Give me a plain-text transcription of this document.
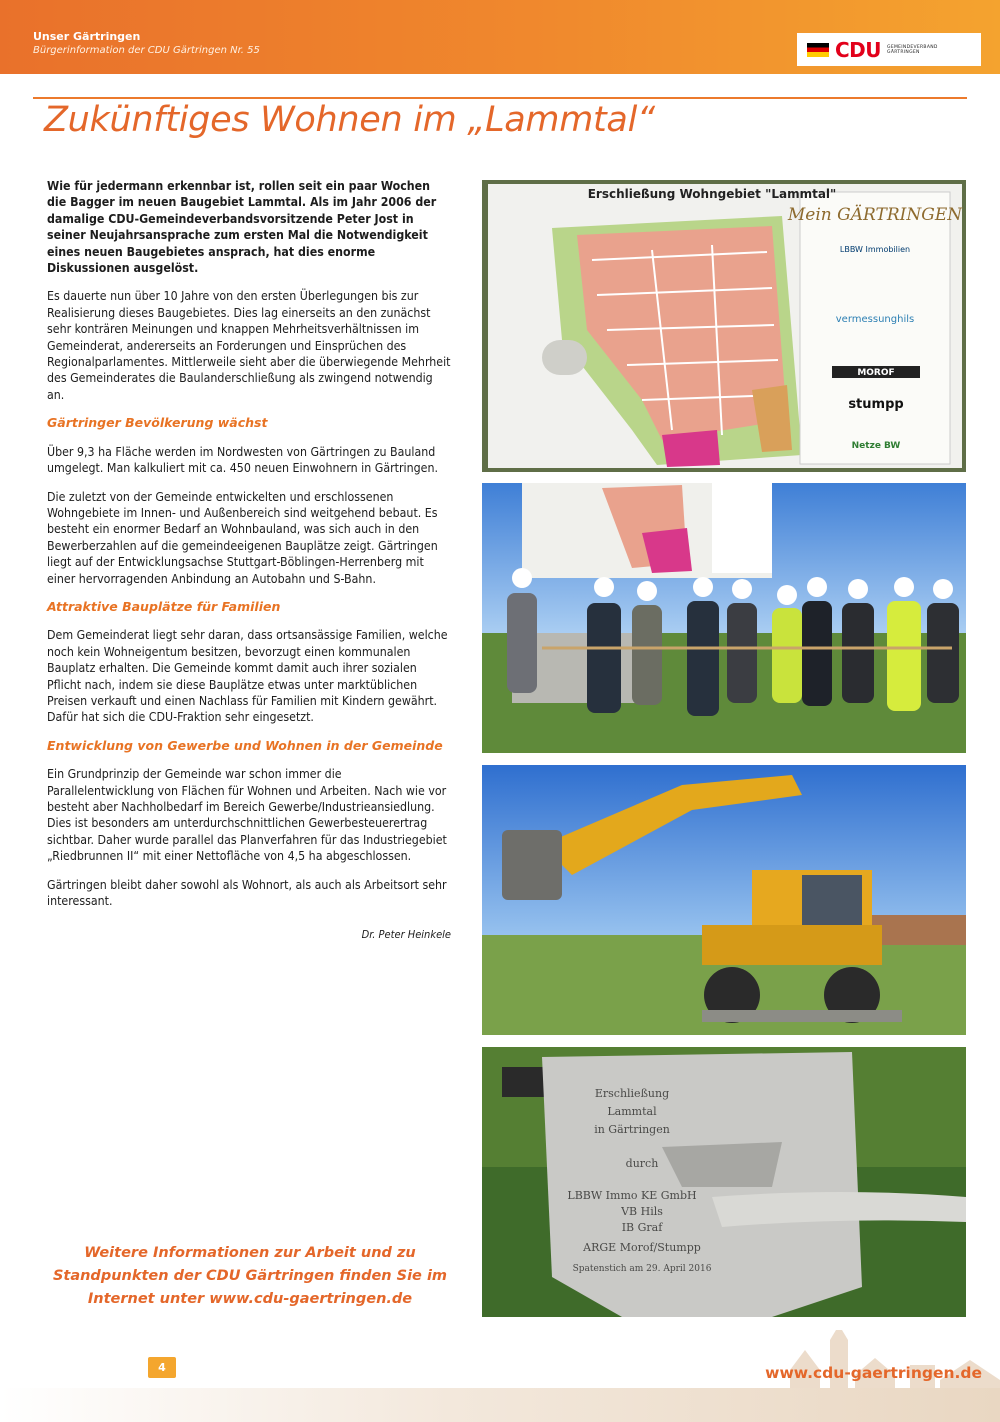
Unser Gärtringen
Bürgerinformation der CDU Gärtringen Nr. 55	CDU GEMEINDEVERBAND GÄRTRINGEN
Zukünftiges Wohnen im „Lammtal“

Wie für jedermann erkennbar ist, rollen seit ein paar Wochen die Bagger im neuen Baugebiet Lammtal. Als im Jahr 2006 der damalige CDU-Gemeindeverbandsvorsitzende Peter Jost in seiner Neujahrsansprache zum ersten Mal die Notwendigkeit eines neuen Baugebietes ansprach, hat dies enorme Diskussionen ausgelöst.

Es dauerte nun über 10 Jahre von den ersten Überlegungen bis zur Realisierung dieses Baugebietes. Dies lag einerseits an den zunächst sehr konträren Meinungen und knappen Mehrheitsverhältnissen im Gemeinderat, andererseits an Forderungen und Einsprüchen des Regionalparlamentes. Mittlerweile sieht aber die überwiegende Mehrheit des Gemeinderates die Baulanderschließung als zwingend notwendig an.

Gärtringer Bevölkerung wächst

Über 9,3 ha Fläche werden im Nordwesten von Gärtringen zu Bauland umgelegt. Man kalkuliert mit ca. 450 neuen Einwohnern in Gärtringen.

Die zuletzt von der Gemeinde entwickelten und erschlossenen Wohngebiete im Innen- und Außenbereich sind weitgehend bebaut. Es besteht ein enormer Bedarf an Wohnbauland, was sich auch in den Bewerberzahlen auf die gemeindeeigenen Bauplätze zeigt. Gärtringen liegt auf der Entwicklungsachse Stuttgart-Böblingen-Herrenberg mit einer hervorragenden Anbindung an Autobahn und S-Bahn.

Attraktive Bauplätze für Familien

Dem Gemeinderat liegt sehr daran, dass ortsansässige Familien, welche noch kein Wohneigentum besitzen, bevorzugt einen kommunalen Bauplatz erhalten. Die Gemeinde kommt damit auch ihrer sozialen Pflicht nach, indem sie diese Bauplätze etwas unter marktüblichen Preisen verkauft und einen Nachlass für Familien mit Kindern gewährt. Dafür hat sich die CDU-Fraktion sehr eingesetzt.

Entwicklung von Gewerbe und Wohnen in der Gemeinde

Ein Grundprinzip der Gemeinde war schon immer die Parallelentwicklung von Flächen für Wohnen und Arbeiten. Nach wie vor besteht aber Nachholbedarf im Bereich Gewerbe/Industrieansiedlung. Dies ist besonders am unterdurchschnittlichen Gewerbesteuerertrag sichtbar. Daher wurde parallel das Planverfahren für das Industriegebiet „Riedbrunnen II“ mit einer Nettofläche von 4,5 ha abgeschlossen.

Gärtringen bleibt daher sowohl als Wohnort, als auch als Arbeitsort sehr interessant.

Dr. Peter Heinkele

Weitere Informationen zur Arbeit und zu Standpunkten der CDU Gärtringen finden Sie im Internet unter www.cdu-gaertringen.de
Erschließung Wohngebiet "Lammtal"
Mein GÄRTRINGEN
LBBW Immobilien
vermessunghils
MOROF
stumpp
Netze BW
Erschließung
Lammtal
in Gärtringen
durch
LBBW Immo KE GmbH
VB Hils
IB Graf
ARGE Morof/Stumpp
Spatenstich am 29. April 2016
4	www.cdu-gaertringen.de
